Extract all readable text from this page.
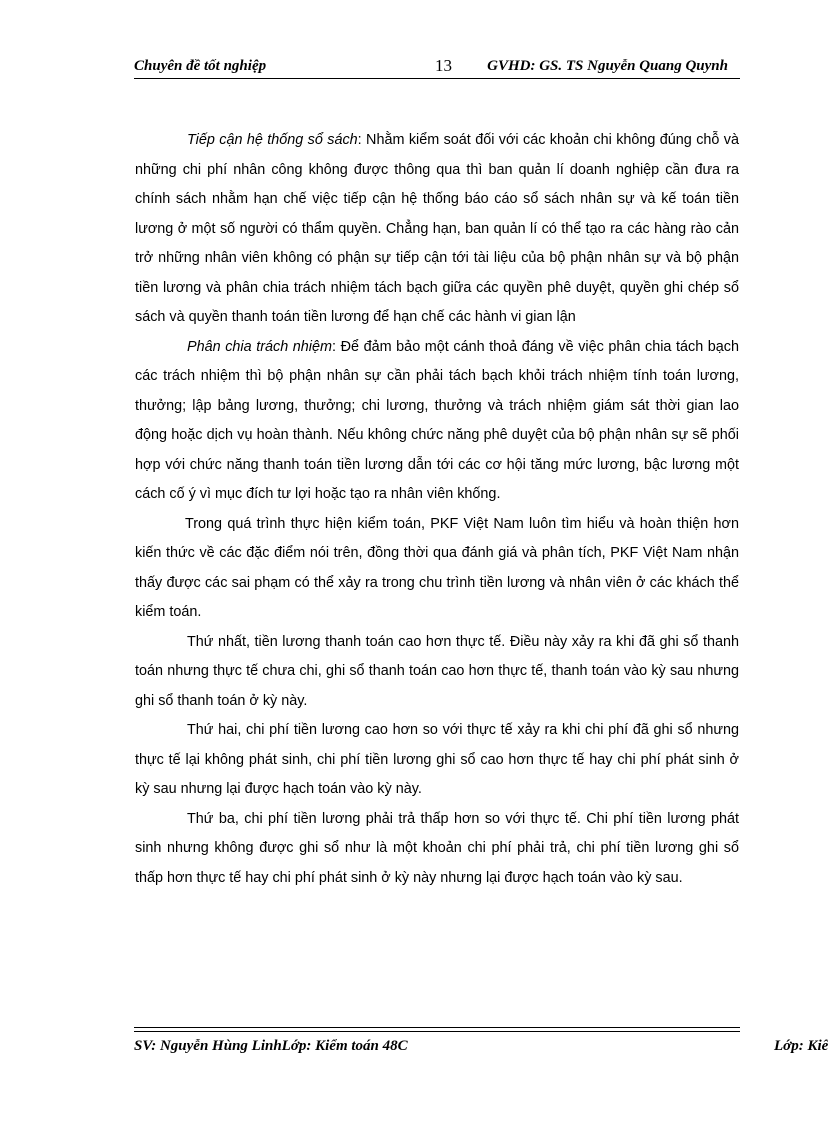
Chuyên đề tốt nghiệp	13 GVHD: GS. TS Nguyễn Quang Quynh

Tiếp cận hệ thống sổ sách: Nhằm kiểm soát đối với các khoản chi không đúng chỗ và những chi phí nhân công không được thông qua thì ban quản lí doanh nghiệp cần đưa ra chính sách nhằm hạn chế việc tiếp cận hệ thống báo cáo sổ sách nhân sự và kế toán tiền lương ở một số người có thẩm quyền. Chẳng hạn, ban quản lí có thể tạo ra các hàng rào cản trở những nhân viên không có phận sự tiếp cận tới tài liệu của bộ phận nhân sự và bộ phận tiền lương và phân chia trách nhiệm tách bạch giữa các quyền phê duyệt, quyền ghi chép sổ sách và quyền thanh toán tiền lương để hạn chế các hành vi gian lận

Phân chia trách nhiệm: Để đảm bảo một cánh thoả đáng về việc phân chia tách bạch các trách nhiệm thì bộ phận nhân sự cần phải tách bạch khỏi trách nhiệm tính toán lương, thưởng; lập bảng lương, thưởng; chi lương, thưởng và trách nhiệm giám sát thời gian lao động hoặc dịch vụ hoàn thành. Nếu không chức năng phê duyệt của bộ phận nhân sự sẽ phối hợp với chức năng thanh toán tiền lương dẫn tới các cơ hội tăng mức lương, bậc lương một cách cố ý vì mục đích tư lợi hoặc tạo ra nhân viên khống.

Trong quá trình thực hiện kiểm toán, PKF Việt Nam luôn tìm hiểu và hoàn thiện hơn kiến thức về các đặc điểm nói trên, đồng thời qua đánh giá và phân tích, PKF Việt Nam nhận thấy được các sai phạm có thể xảy ra trong chu trình tiền lương và nhân viên ở các khách thể kiểm toán.

Thứ nhất, tiền lương thanh toán cao hơn thực tế. Điều này xảy ra khi đã ghi sổ thanh toán nhưng thực tế chưa chi, ghi sổ thanh toán cao hơn thực tế, thanh toán vào kỳ sau nhưng ghi sổ thanh toán ở kỳ này.

Thứ hai, chi phí tiền lương cao hơn so với thực tế xảy ra khi chi phí đã ghi sổ nhưng thực tế lại không phát sinh, chi phí tiền lương ghi sổ cao hơn thực tế hay chi phí phát sinh ở kỳ sau nhưng lại được hạch toán vào kỳ này.

Thứ ba, chi phí tiền lương phải trả thấp hơn so với thực tế. Chi phí tiền lương phát sinh nhưng không được ghi sổ như là một khoản chi phí phải trả, chi phí tiền lương ghi sổ thấp hơn thực tế hay chi phí phát sinh ở kỳ này nhưng lại được hạch toán vào kỳ sau.

SV: Nguyễn Hùng LinhLớp: Kiểm toán 48C	Lớp: Kiể
